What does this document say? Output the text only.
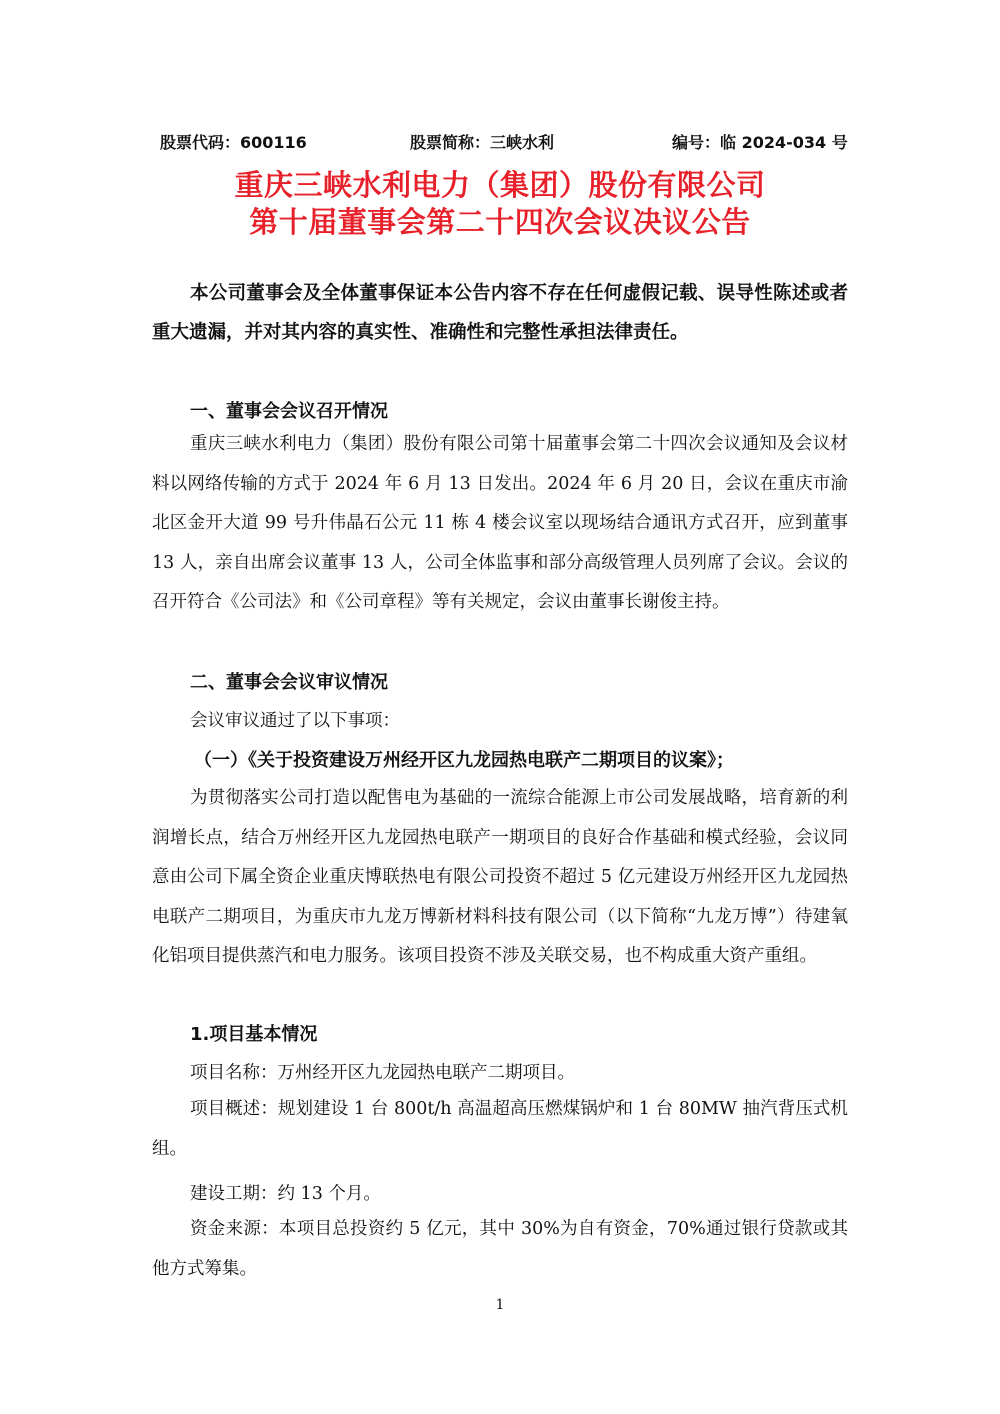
股票代码：600116	股票简称：三峡水利	编号：临 2024-034 号
重庆三峡水利电力（集团）股份有限公司
第十届董事会第二十四次会议决议公告
本公司董事会及全体董事保证本公告内容不存在任何虚假记载、误导性陈述或者重大遗漏，并对其内容的真实性、准确性和完整性承担法律责任。
一、董事会会议召开情况
重庆三峡水利电力（集团）股份有限公司第十届董事会第二十四次会议通知及会议材料以网络传输的方式于 2024 年 6 月 13 日发出。2024 年 6 月 20 日，会议在重庆市渝北区金开大道 99 号升伟晶石公元 11 栋 4 楼会议室以现场结合通讯方式召开，应到董事 13 人，亲自出席会议董事 13 人，公司全体监事和部分高级管理人员列席了会议。会议的召开符合《公司法》和《公司章程》等有关规定，会议由董事长谢俊主持。
二、董事会会议审议情况
会议审议通过了以下事项：
（一）《关于投资建设万州经开区九龙园热电联产二期项目的议案》；
为贯彻落实公司打造以配售电为基础的一流综合能源上市公司发展战略，培育新的利润增长点，结合万州经开区九龙园热电联产一期项目的良好合作基础和模式经验，会议同意由公司下属全资企业重庆博联热电有限公司投资不超过 5 亿元建设万州经开区九龙园热电联产二期项目，为重庆市九龙万博新材料科技有限公司（以下简称“九龙万博”）待建氧化铝项目提供蒸汽和电力服务。该项目投资不涉及关联交易，也不构成重大资产重组。
1.项目基本情况
项目名称：万州经开区九龙园热电联产二期项目。
项目概述：规划建设 1 台 800t/h 高温超高压燃煤锅炉和 1 台 80MW 抽汽背压式机组。
建设工期：约 13 个月。
资金来源：本项目总投资约 5 亿元，其中 30%为自有资金，70%通过银行贷款或其他方式筹集。
1
